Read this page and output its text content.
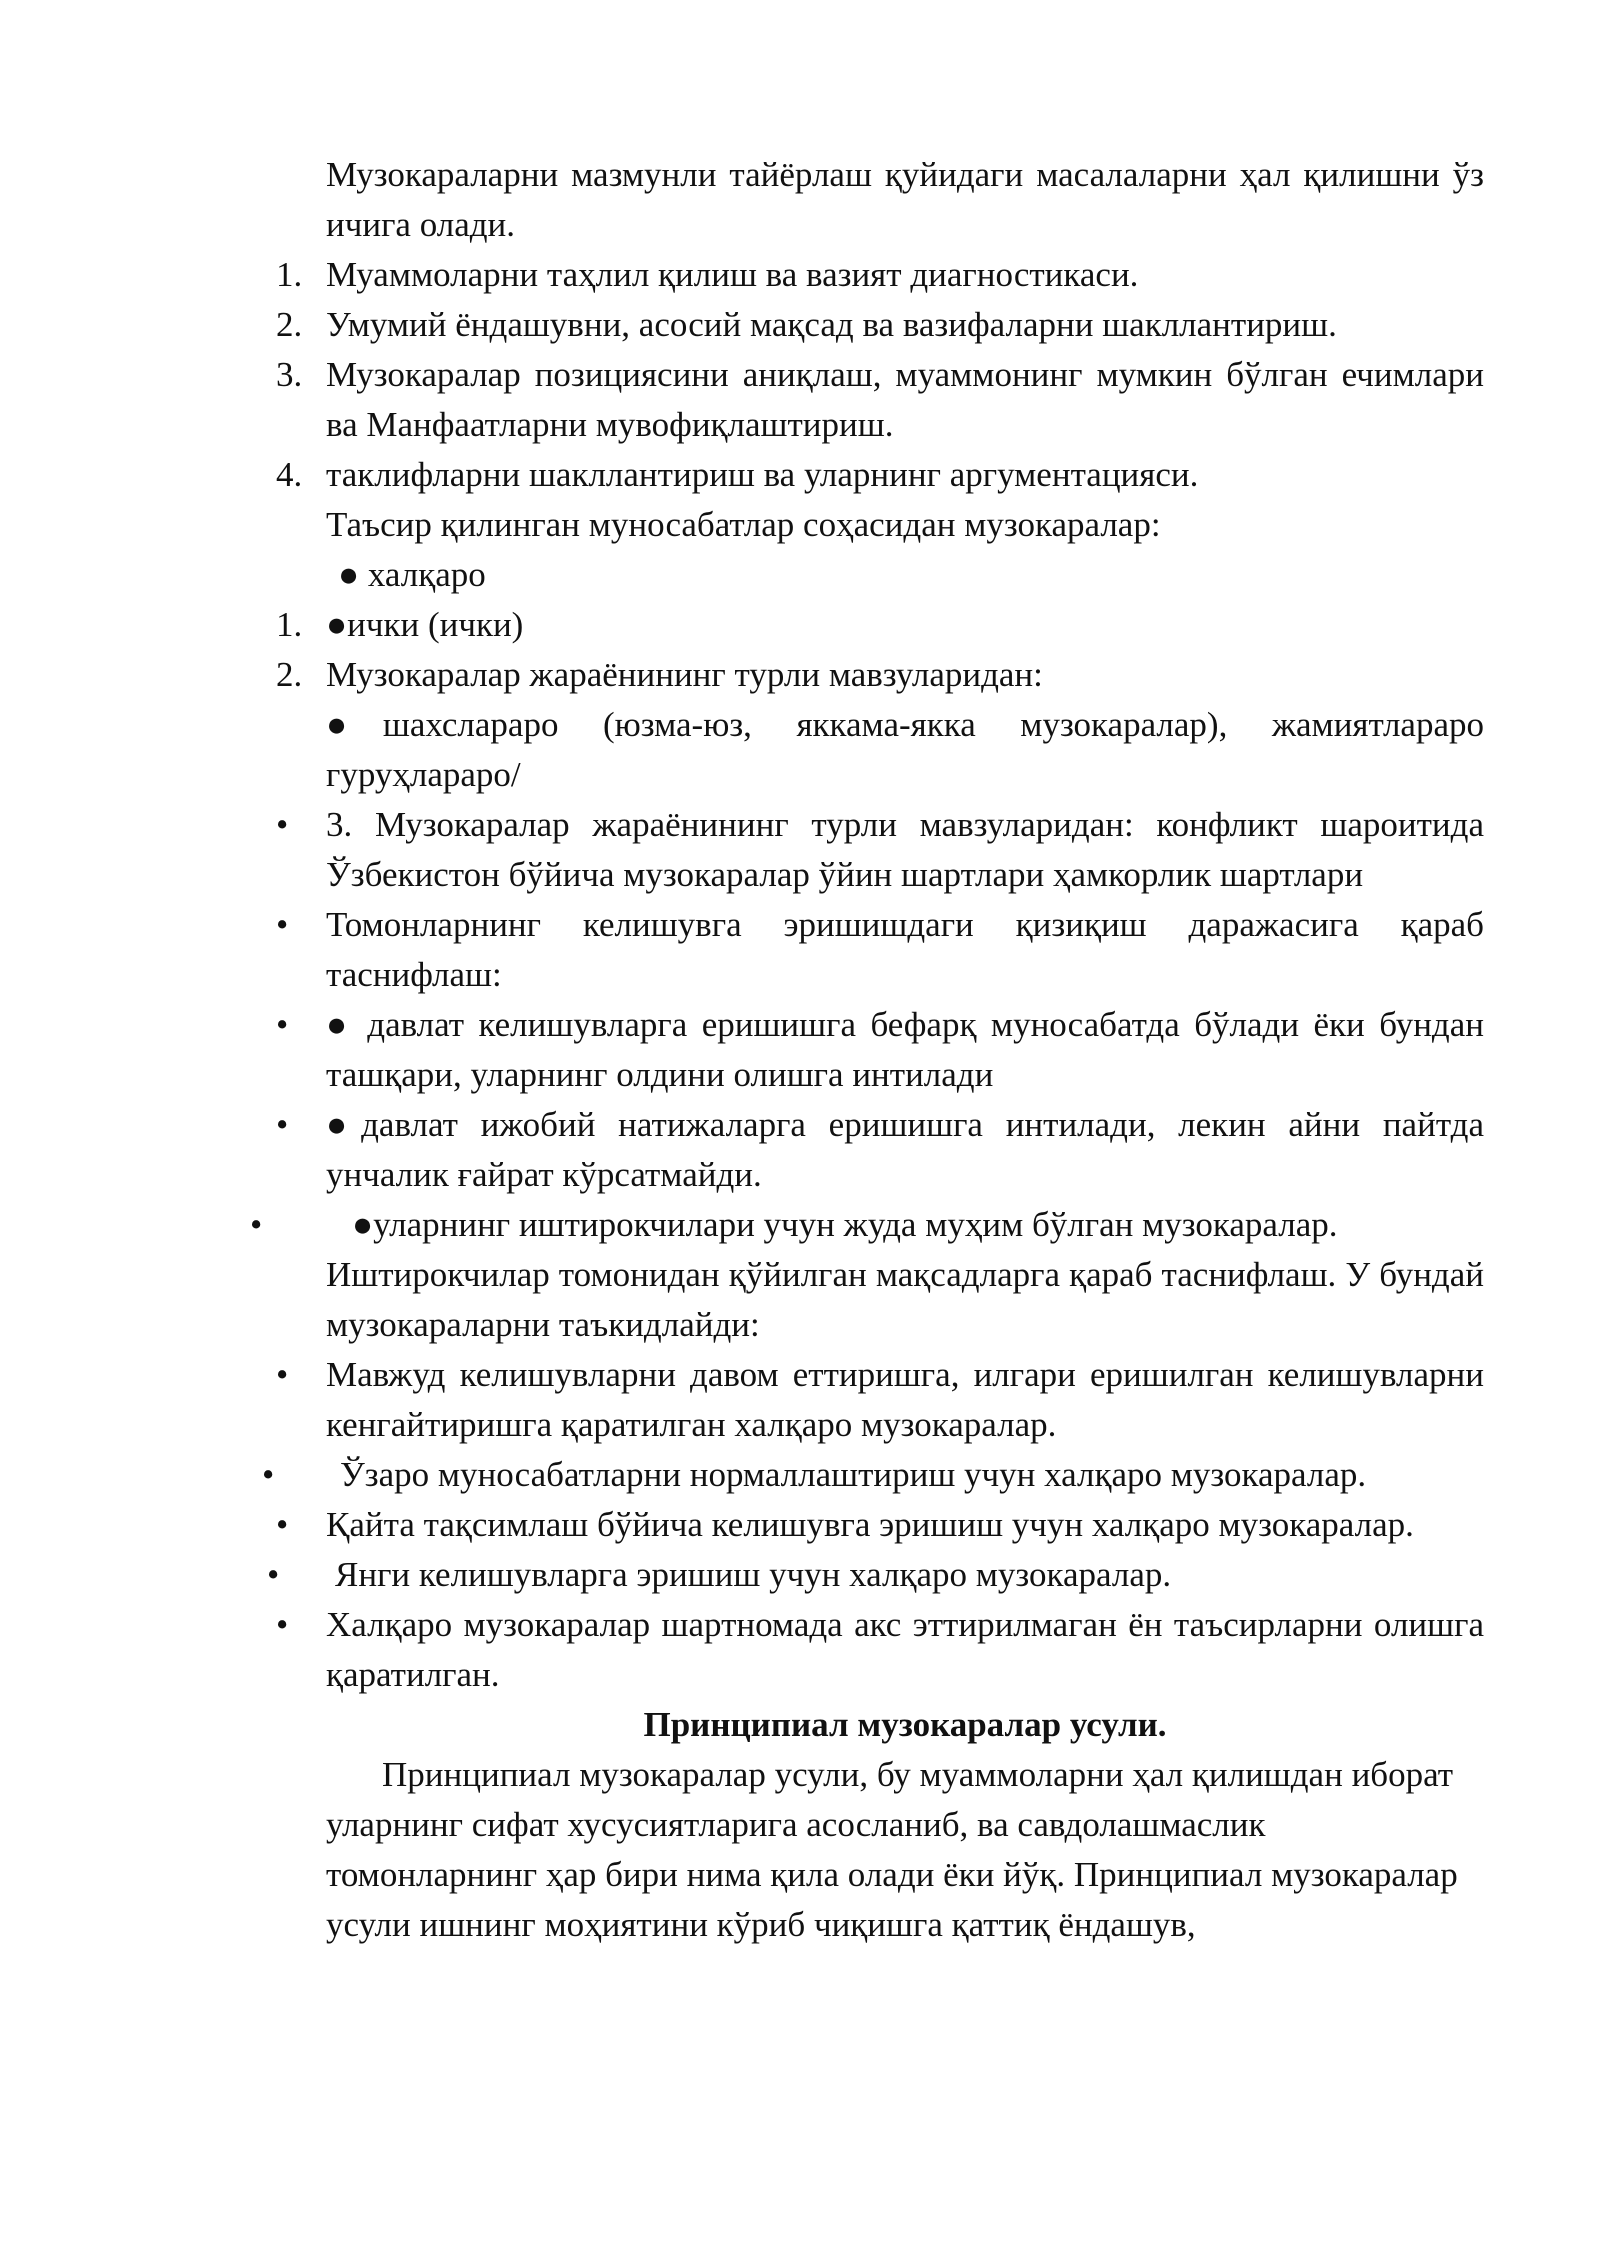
Музокараларни мазмунли тайёрлаш қуйидаги масалаларни ҳал қилишни ўз ичига олади.

1. Муаммоларни таҳлил қилиш ва вазият диагностикаси.
2. Умумий ёндашувни, асосий мақсад ва вазифаларни шакллантириш.
3. Музокаралар позициясини аниқлаш, муаммонинг мумкин бўлган ечимлари ва Манфаатларни мувофиқлаштириш.
4. таклифларни шакллантириш ва уларнинг аргументацияси.

Таъсир қилинган муносабатлар соҳасидан музокаралар:

● халқаро

1. ●ички (ички)
2. Музокаралар жараёнининг турли мавзуларидан:

●шахслараро (юзма-юз, яккама-якка музокаралар), жамиятлараро гуруҳлараро/

•	3. Музокаралар жараёнининг турли мавзуларидан: конфликт шароитида Ўзбекистон бўйича музокаралар ўйин шартлари ҳамкорлик шартлари
•	Томонларнинг келишувга эришишдаги қизиқиш даражасига қараб таснифлаш:
•	● давлат келишувларга еришишга бефарқ муносабатда бўлади ёки бундан ташқари, уларнинг олдини олишга интилади
•	●давлат ижобий натижаларга еришишга интилади, лекин айни пайтда унчалик ғайрат кўрсатмайди.
•	●уларнинг иштирокчилари учун жуда муҳим бўлган музокаралар.

Иштирокчилар томонидан қўйилган мақсадларга қараб таснифлаш. У бундай музокараларни таъкидлайди:

•	Мавжуд келишувларни давом еттиришга, илгари еришилган келишувларни кенгайтиришга қаратилган халқаро музокаралар.
•	Ўзаро муносабатларни нормаллаштириш учун халқаро музокаралар.
•	Қайта тақсимлаш бўйича келишувга эришиш учун халқаро музокаралар.
•	Янги келишувларга эришиш учун халқаро музокаралар.
•	Халқаро музокаралар шартномада акс эттирилмаган ён таъсирларни олишга қаратилган.

Принципиал музокаралар усули.

Принципиал музокаралар усули, бу муаммоларни ҳал қилишдан иборат уларнинг сифат хусусиятларига асосланиб, ва савдолашмаслик томонларнинг ҳар бири нима қила олади ёки йўқ. Принципиал музокаралар усули ишнинг моҳиятини кўриб чиқишга қаттиқ ёндашув,
